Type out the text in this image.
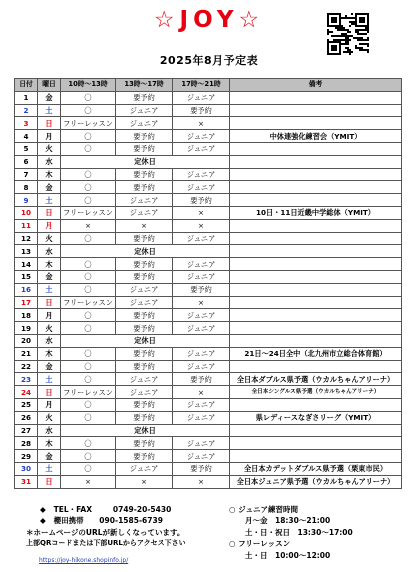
☆JOY☆
2025年8月予定表
日付	曜日	10時〜13時	13時〜17時	17時〜21時	備考
1	金	〇	要予約	ジュニア	
2	土	〇	ジュニア	要予約	
3	日	フリーレッスン	ジュニア	×	
4	月	〇	要予約	ジュニア	中体連強化練習会（YMIT）
5	火	〇	要予約	ジュニア	
6	水	定休日			
7	木	〇	要予約	ジュニア	
8	金	〇	要予約	ジュニア	
9	土	〇	ジュニア	要予約	
10	日	フリーレッスン	ジュニア	×	10日・11日近畿中学総体（YMIT）
11	月	×	×	×	
12	火	〇	要予約	ジュニア	
13	水	定休日			
14	木	〇	要予約	ジュニア	
15	金	〇	要予約	ジュニア	
16	土	〇	ジュニア	要予約	
17	日	フリーレッスン	ジュニア	×	
18	月	〇	要予約	ジュニア	
19	火	〇	要予約	ジュニア	
20	水	定休日			
21	木	〇	要予約	ジュニア	21日〜24日全中（北九州市立総合体育館）
22	金	〇	要予約	ジュニア	
23	土	〇	ジュニア	要予約	全日本ダブルス県予選（ウカルちゃんアリーナ）
24	日	フリーレッスン	ジュニア	×	全日本シングルス県予選（ウカルちゃんアリーナ）
25	月	〇	要予約	ジュニア	
26	火	〇	要予約	ジュニア	県レディースなぎさリーグ（YMIT）
27	水	定休日			
28	木	〇	要予約	ジュニア	
29	金	〇	要予約	ジュニア	
30	土	〇	ジュニア	要予約	全日本カデットダブルス県予選（栗東市民）
31	日	×	×	×	全日本ジュニア県予選（ウカルちゃんアリーナ）
◆ TEL・FAX	0749-20-5430
◆ 櫻田携帯 090-1585-6739
＊ホームページのURLが新しくなっています。
上部QRコードまたは下部URLからアクセス下さい
○ ジュニア練習時間
月〜金　18:30〜21:00
土・日・祝日　13:30〜17:00
○ フリーレッスン
土・日　10:00〜12:00
https://joy-hikone.shopinfo.jp/
